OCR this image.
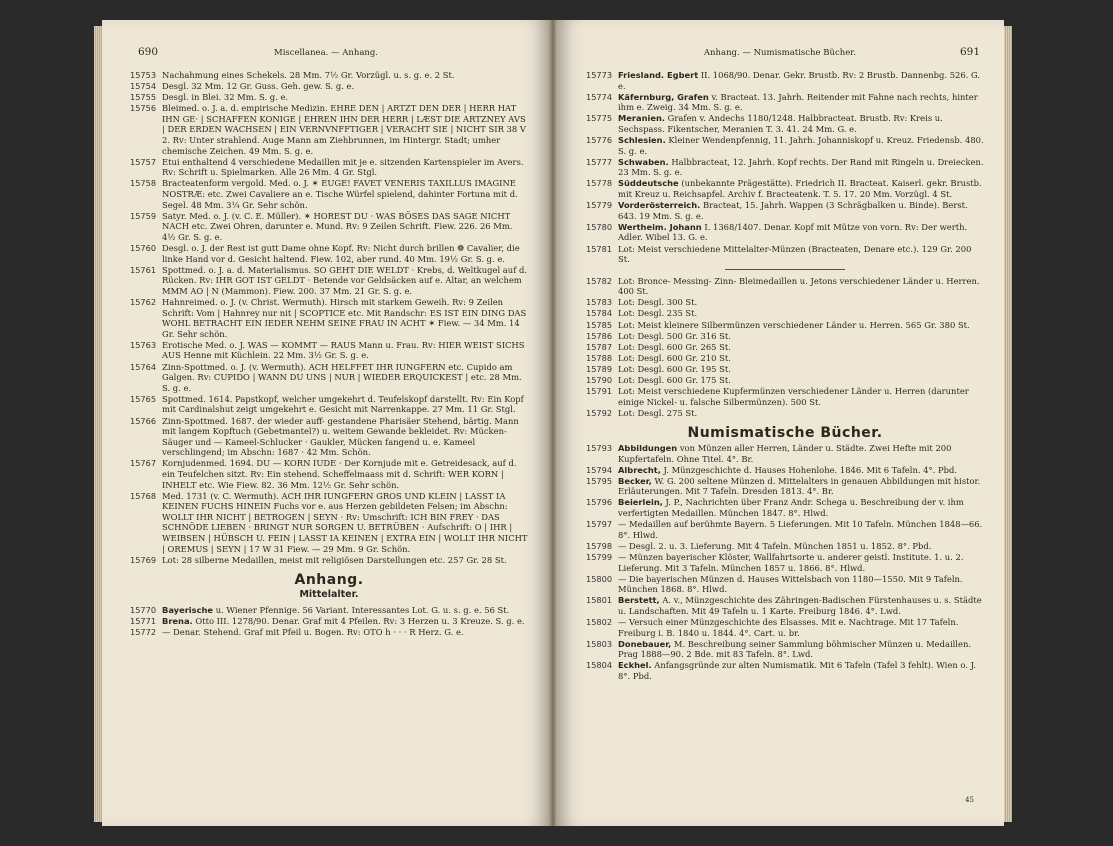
690	Miscellanea. — Anhang.
15753 Nachahmung eines Schekels. 28 Mm. 7½ Gr. Vorzügl. u. s. g. e. 2 St.
15754 Desgl. 32 Mm. 12 Gr. Guss. Geh. gew. S. g. e.
15755 Desgl. in Blei. 32 Mm. S. g. e.
15756 Bleimed. o. J. a. d. empirische Medizin. EHRE DEN | ARTZT DEN DER | HERR HAT IHN GE· | SCHAFFEN KONIGE | EHREN IHN DER HERR | LÆST DIE ARTZNEY AVS | DER ERDEN WACHSEN | EIN VERNVNFFTIGER | VERACHT SIE | NICHT SIR 38 V 2. Rv: Unter strahlend. Auge Mann am Ziehbrunnen, im Hintergr. Stadt; umher chemische Zeichen. 49 Mm. S. g. e.
15757 Etui enthaltend 4 verschiedene Medaillen mit je e. sitzenden Kartenspieler im Avers. Rv: Schrift u. Spielmarken. Alle 26 Mm. 4 Gr. Stgl.
15758 Bracteatenform vergold. Med. o. J. ✶ EUGE! FAVET VENERIS TAXILLUS IMAGINE NOSTRÆ: etc. Zwei Cavaliere an e. Tische Würfel spielend, dahinter Fortuna mit d. Segel. 48 Mm. 3¼ Gr. Sehr schön.
15759 Satyr. Med. o. J. (v. C. E. Müller). ✶ HOREST DU · WAS BÖSES DAS SAGE NICHT NACH etc. Zwei Ohren, darunter e. Mund. Rv: 9 Zeilen Schrift. Fiew. 226. 26 Mm. 4½ Gr. S. g. e.
15760 Desgl. o. J. der Rest ist gutt Dame ohne Kopf. Rv: Nicht durch brillen ❁ Cavalier, die linke Hand vor d. Gesicht haltend. Fiew. 102, aber rund. 40 Mm. 19½ Gr. S. g. e.
15761 Spottmed. o. J. a. d. Materialismus. SO GEHT DIE WELDT · Krebs, d. Weltkugel auf d. Rücken. Rv: IHR GOT IST GELDT · Betende vor Geldsäcken auf e. Altar, an welchem MMM AO | N (Mammon). Fiew. 200. 37 Mm. 21 Gr. S. g. e.
15762 Hahnreimed. o. J. (v. Christ. Wermuth). Hirsch mit starkem Geweih. Rv: 9 Zeilen Schrift: Vom | Hahnrey nur nit | SCOPTICE etc. Mit Randschr: ES IST EIN DING DAS WOHL BETRACHT EIN IEDER NEHM SEINE FRAU IN ACHT ✶ Fiew. — 34 Mm. 14 Gr. Sehr schön.
15763 Erotische Med. o. J. WAS — KOMMT — RAUS Mann u. Frau. Rv: HIER WEIST SICHS AUS Henne mit Küchlein. 22 Mm. 3½ Gr. S. g. e.
15764 Zinn-Spottmed. o. J. (v. Wermuth). ACH HELFFET IHR IUNGFERN etc. Cupido am Galgen. Rv: CUPIDO | WANN DU UNS | NUR | WIEDER ERQUICKEST | etc. 28 Mm. S. g. e.
15765 Spottmed. 1614. Papstkopf, welcher umgekehrt d. Teufelskopf darstellt. Rv: Ein Kopf mit Cardinalshut zeigt umgekehrt e. Gesicht mit Narrenkappe. 27 Mm. 11 Gr. Stgl.
15766 Zinn-Spottmed. 1687. der wieder auff- gestandene Pharisäer Stehend, bärtig. Mann mit langem Kopftuch (Gebetmantel?) u. weitem Gewande bekleidet. Rv: Mücken-Säuger und — Kameel-Schlucker · Gaukler, Mücken fangend u. e. Kameel verschlingend; im Abschn: 1687 · 42 Mm. Schön.
15767 Kornjudenmed. 1694. DU — KORN IUDE · Der Kornjude mit e. Getreidesack, auf d. ein Teufelchen sitzt. Rv: Ein stehend. Scheffelmaass mit d. Schrift: WER KORN | INHELT etc. Wie Fiew. 82. 36 Mm. 12½ Gr. Sehr schön.
15768 Med. 1731 (v. C. Wermuth). ACH IHR IUNGFERN GROS UND KLEIN | LASST IA KEINEN FUCHS HINEIN Fuchs vor e. aus Herzen gebildeten Felsen; im Abschn: WOLLT IHR NICHT | BETROGEN | SEYN · Rv: Umschrift: ICH BIN FREY · DAS SCHNÖDE LIEBEN · BRINGT NUR SORGEN U. BETRÜBEN · Aufschrift: O | IHR | WEIBSEN | HÜBSCH U. FEIN | LASST IA KEINEN | EXTRA EIN | WOLLT IHR NICHT | OREMUS | SEYN | 17 W 31 Fiew. — 29 Mm. 9 Gr. Schön.
15769 Lot: 28 silberne Medaillen, meist mit religiösen Darstellungen etc. 257 Gr. 28 St.
Anhang.
Mittelalter.
15770 Bayerische u. Wiener Pfennige. 56 Variant. Interessantes Lot. G. u. s. g. e. 56 St.
15771 Brena. Otto III. 1278/90. Denar. Graf mit 4 Pfeilen. Rv: 3 Herzen u. 3 Kreuze. S. g. e.
15772 — Denar. Stehend. Graf mit Pfeil u. Bogen. Rv: OTO h · · · R Herz. G. e.
Anhang. — Numismatische Bücher.	691
15773 Friesland. Egbert II. 1068/90. Denar. Gekr. Brustb. Rv: 2 Brustb. Dannenbg. 526. G. e.
15774 Käfernburg, Grafen v. Bracteat. 13. Jahrh. Reitender mit Fahne nach rechts, hinter ihm e. Zweig. 34 Mm. S. g. e.
15775 Meranien. Grafen v. Andechs 1180/1248. Halbbracteat. Brustb. Rv: Kreis u. Sechspass. Fikentscher, Meranien T. 3. 41. 24 Mm. G. e.
15776 Schlesien. Kleiner Wendenpfennig, 11. Jahrh. Johanniskopf u. Kreuz. Friedensb. 480. S. g. e.
15777 Schwaben. Halbbracteat, 12. Jahrh. Kopf rechts. Der Rand mit Ringeln u. Dreiecken. 23 Mm. S. g. e.
15778 Süddeutsche (unbekannte Prägestätte). Friedrich II. Bracteat. Kaiserl. gekr. Brustb. mit Kreuz u. Reichsapfel. Archiv f. Bracteatenk. T. 5. 17. 20 Mm. Vorzügl. 4 St.
15779 Vorderösterreich. Bracteat, 15. Jahrh. Wappen (3 Schrägbalken u. Binde). Berst. 643. 19 Mm. S. g. e.
15780 Wertheim. Johann I. 1368/1407. Denar. Kopf mit Mütze von vorn. Rv: Der werth. Adler. Wibel 13. G. e.
15781 Lot: Meist verschiedene Mittelalter-Münzen (Bracteaten, Denare etc.). 129 Gr. 200 St.
15782 Lot: Bronce- Messing- Zinn- Bleimedaillen u. Jetons verschiedener Länder u. Herren. 400 St.
15783 Lot: Desgl. 300 St.
15784 Lot: Desgl. 235 St.
15785 Lot: Meist kleinere Silbermünzen verschiedener Länder u. Herren. 565 Gr. 380 St.
15786 Lot: Desgl. 500 Gr. 316 St.
15787 Lot: Desgl. 600 Gr. 265 St.
15788 Lot: Desgl. 600 Gr. 210 St.
15789 Lot: Desgl. 600 Gr. 195 St.
15790 Lot: Desgl. 600 Gr. 175 St.
15791 Lot: Meist verschiedene Kupfermünzen verschiedener Länder u. Herren (darunter einige Nickel- u. falsche Silbermünzen). 500 St.
15792 Lot: Desgl. 275 St.
Numismatische Bücher.
15793 Abbildungen von Münzen aller Herren, Länder u. Städte. Zwei Hefte mit 200 Kupfertafeln. Ohne Titel. 4°. Br.
15794 Albrecht, J. Münzgeschichte d. Hauses Hohenlohe. 1846. Mit 6 Tafeln. 4°. Pbd.
15795 Becker, W. G. 200 seltene Münzen d. Mittelalters in genauen Abbildungen mit histor. Erläuterungen. Mit 7 Tafeln. Dresden 1813. 4°. Br.
15796 Beierlein, J. P., Nachrichten über Franz Andr. Schega u. Beschreibung der v. ihm verfertigten Medaillen. München 1847. 8°. Hlwd.
15797 — Medaillen auf berühmte Bayern. 5 Lieferungen. Mit 10 Tafeln. München 1848—66. 8°. Hlwd.
15798 — Desgl. 2. u. 3. Lieferung. Mit 4 Tafeln. München 1851 u. 1852. 8°. Pbd.
15799 — Münzen bayerischer Klöster, Wallfahrtsorte u. anderer geistl. Institute. 1. u. 2. Lieferung. Mit 3 Tafeln. München 1857 u. 1866. 8°. Hlwd.
15800 — Die bayerischen Münzen d. Hauses Wittelsbach von 1180—1550. Mit 9 Tafeln. München 1868. 8°. Hlwd.
15801 Berstett, A. v., Münzgeschichte des Zähringen-Badischen Fürstenhauses u. s. Städte u. Landschaften. Mit 49 Tafeln u. 1 Karte. Freiburg 1846. 4°. Lwd.
15802 — Versuch einer Münzgeschichte des Elsasses. Mit e. Nachtrage. Mit 17 Tafeln. Freiburg i. B. 1840 u. 1844. 4°. Cart. u. br.
15803 Donebauer, M. Beschreibung seiner Sammlung böhmischer Münzen u. Medaillen. Prag 1888—90. 2 Bde. mit 83 Tafeln. 8°. Lwd.
15804 Eckhel. Anfangsgründe zur alten Numismatik. Mit 6 Tafeln (Tafel 3 fehlt). Wien o. J. 8°. Pbd.
45
